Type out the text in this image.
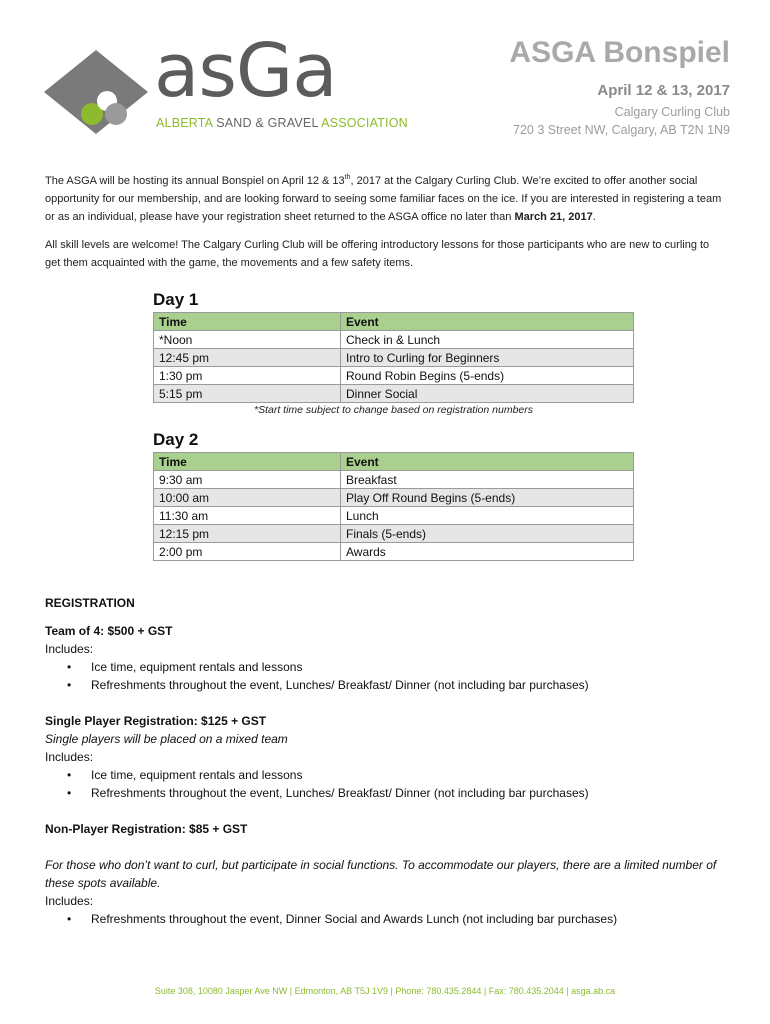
asGa
ALBERTA SAND & GRAVEL ASSOCIATION
ASGA Bonspiel
April 12 & 13, 2017
Calgary Curling Club
720 3 Street NW, Calgary, AB T2N 1N9

The ASGA will be hosting its annual Bonspiel on April 12 & 13th, 2017 at the Calgary Curling Club. We’re excited to offer another social opportunity for our membership, and are looking forward to seeing some familiar faces on the ice. If you are interested in registering a team or as an individual, please have your registration sheet returned to the ASGA office no later than March 21, 2017.

All skill levels are welcome! The Calgary Curling Club will be offering introductory lessons for those participants who are new to curling to get them acquainted with the game, the movements and a few safety items.

Day 1
Time	Event
*Noon	Check in & Lunch
12:45 pm	Intro to Curling for Beginners
1:30 pm	Round Robin Begins (5-ends)
5:15 pm	Dinner Social
*Start time subject to change based on registration numbers
Day 2
Time	Event
9:30 am	Breakfast
10:00 am	Play Off Round Begins (5-ends)
11:30 am	Lunch
12:15 pm	Finals (5-ends)
2:00 pm	Awards
REGISTRATION
Team of 4: $500 + GST
Includes:
• Ice time, equipment rentals and lessons
• Refreshments throughout the event, Lunches/ Breakfast/ Dinner (not including bar purchases)
Single Player Registration: $125 + GST
Single players will be placed on a mixed team
Includes:
• Ice time, equipment rentals and lessons
• Refreshments throughout the event, Lunches/ Breakfast/ Dinner (not including bar purchases)
Non-Player Registration: $85 + GST
For those who don’t want to curl, but participate in social functions. To accommodate our players, there are a limited number of these spots available.
Includes:
• Refreshments throughout the event, Dinner Social and Awards Lunch (not including bar purchases)
Suite 308, 10080 Jasper Ave NW | Edmonton, AB T5J 1V9 | Phone: 780.435.2844 | Fax: 780.435.2044 | asga.ab.ca
